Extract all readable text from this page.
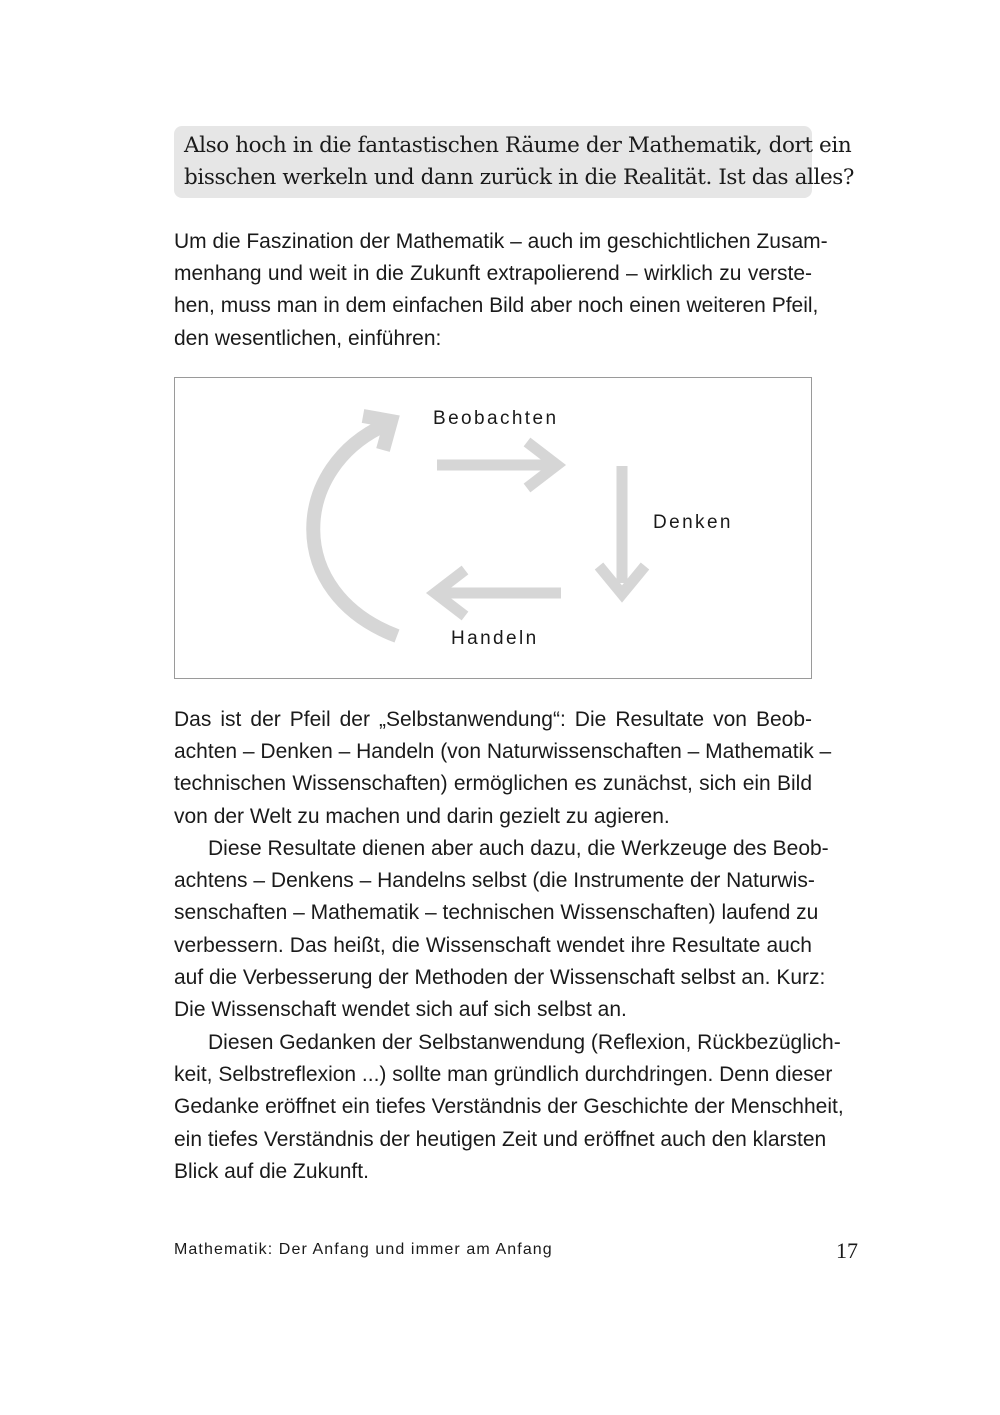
Also hoch in die fantastischen Räume der Mathematik, dort ein

bisschen werkeln und dann zurück in die Realität. Ist das alles?

Um die Faszination der Mathematik – auch im geschichtlichen Zusam-
menhang und weit in die Zukunft extrapolierend – wirklich zu verste-
hen, muss man in dem einfachen Bild aber noch einen weiteren Pfeil,
den wesentlichen, einführen:
Beobachten
Denken
Handeln
Das ist der Pfeil der „Selbstanwendung“: Die Resultate von Beob-
achten – Denken – Handeln (von Naturwissenschaften – Mathematik –
technischen Wissenschaften) ermöglichen es zunächst, sich ein Bild
von der Welt zu machen und darin gezielt zu agieren.
Diese Resultate dienen aber auch dazu, die Werkzeuge des Beob-
achtens – Denkens – Handelns selbst (die Instrumente der Naturwis-
senschaften – Mathematik – technischen Wissenschaften) laufend zu
verbessern. Das heißt, die Wissenschaft wendet ihre Resultate auch
auf die Verbesserung der Methoden der Wissenschaft selbst an. Kurz:
Die Wissenschaft wendet sich auf sich selbst an.
Diesen Gedanken der Selbstanwendung (Reflexion, Rückbezüglich-
keit, Selbstreflexion ...) sollte man gründlich durchdringen. Denn dieser
Gedanke eröffnet ein tiefes Verständnis der Geschichte der Menschheit,
ein tiefes Verständnis der heutigen Zeit und eröffnet auch den klarsten
Blick auf die Zukunft.
Mathematik: Der Anfang und immer am Anfang	17
